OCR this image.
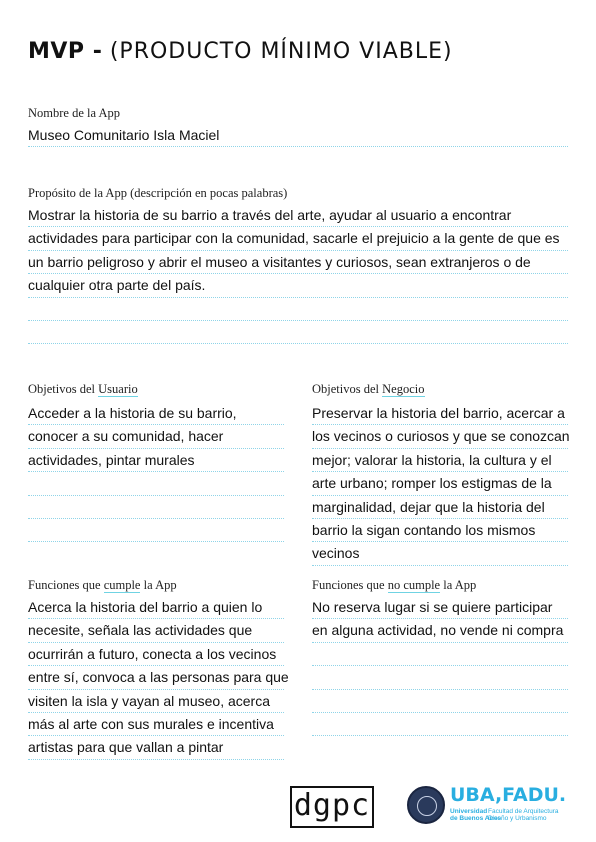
MVP - (PRODUCTO MÍNIMO VIABLE)
Nombre de la App
Museo Comunitario Isla Maciel
Propósito de la App (descripción en pocas palabras)
Mostrar la historia de su barrio a través del arte, ayudar al usuario a encontrar
actividades para participar con la comunidad, sacarle el prejuicio a la gente de que es
un barrio peligroso y abrir el museo a visitantes y curiosos, sean extranjeros o de
cualquier otra parte del país.
Objetivos del Usuario
Acceder a la historia de su barrio,
conocer a su comunidad, hacer
actividades, pintar murales
Objetivos del Negocio
Preservar la historia del barrio, acercar a
los vecinos o curiosos y que se conozcan
mejor; valorar la historia, la cultura y el
arte urbano; romper los estigmas de la
marginalidad, dejar que la historia del
barrio la sigan contando los mismos
vecinos
Funciones que cumple la App
Acerca la historia del barrio a quien lo
necesite, señala las actividades que
ocurrirán a futuro, conecta a los vecinos
entre sí, convoca a las personas para que
visiten la isla y vayan al museo, acerca
más al arte con sus murales e incentiva
artistas para que vallan a pintar
Funciones que no cumple la App
No reserva lugar si se quiere participar
en alguna actividad, no vende ni compra
dgpc	UBA,FADU.
Universidad
de Buenos Aires
Facultad de Arquitectura
Diseño y Urbanismo
